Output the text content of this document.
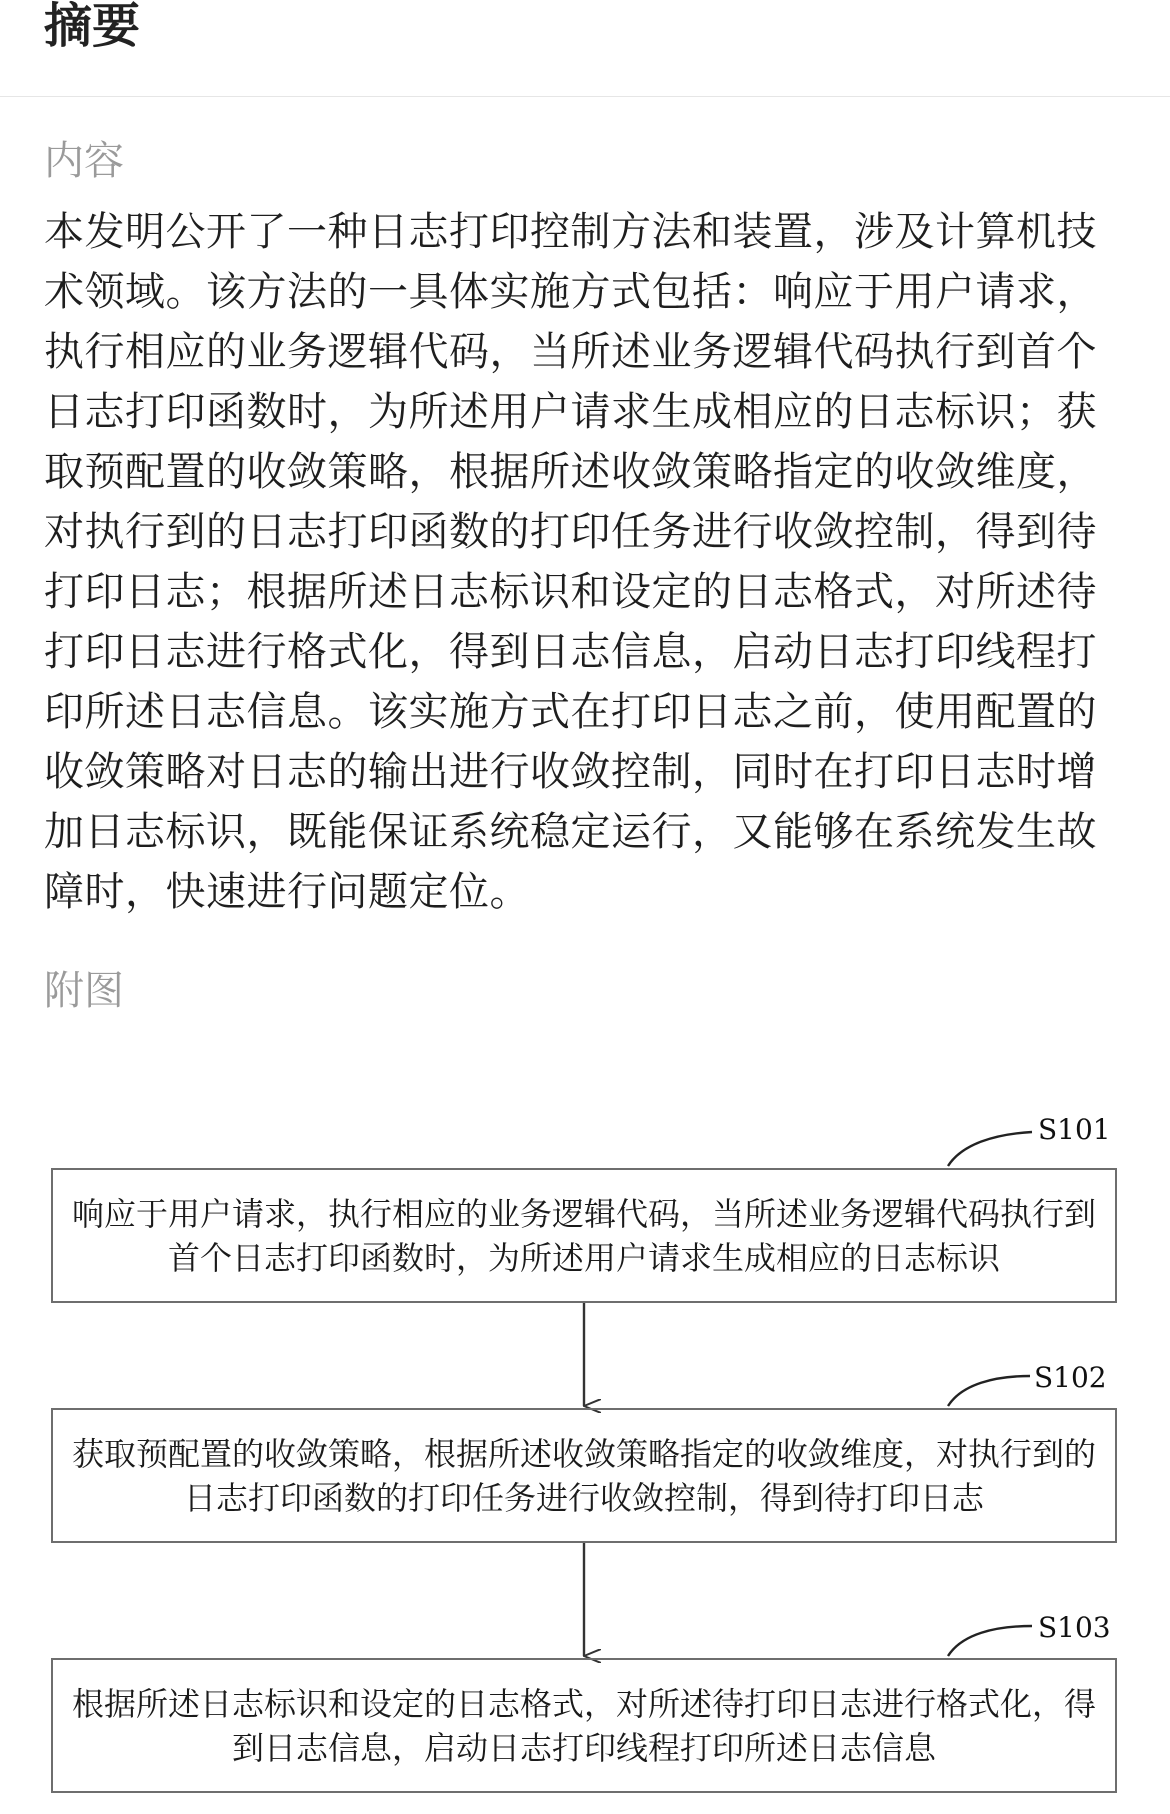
摘要
内容

本发明公开了一种日志打印控制方法和装置，涉及计算机技术领域。该方法的一具体实施方式包括：响应于用户请求，执行相应的业务逻辑代码，当所述业务逻辑代码执行到首个日志打印函数时，为所述用户请求生成相应的日志标识；获取预配置的收敛策略，根据所述收敛策略指定的收敛维度，对执行到的日志打印函数的打印任务进行收敛控制，得到待打印日志；根据所述日志标识和设定的日志格式，对所述待打印日志进行格式化，得到日志信息，启动日志打印线程打印所述日志信息。该实施方式在打印日志之前，使用配置的收敛策略对日志的输出进行收敛控制，同时在打印日志时增加日志标识，既能保证系统稳定运行，又能够在系统发生故障时，快速进行问题定位。

附图
S101
响应于用户请求，执行相应的业务逻辑代码，当所述业务逻辑代码执行到首个日志打印函数时，为所述用户请求生成相应的日志标识
S102
获取预配置的收敛策略，根据所述收敛策略指定的收敛维度，对执行到的日志打印函数的打印任务进行收敛控制，得到待打印日志
S103
根据所述日志标识和设定的日志格式，对所述待打印日志进行格式化，得到日志信息，启动日志打印线程打印所述日志信息
